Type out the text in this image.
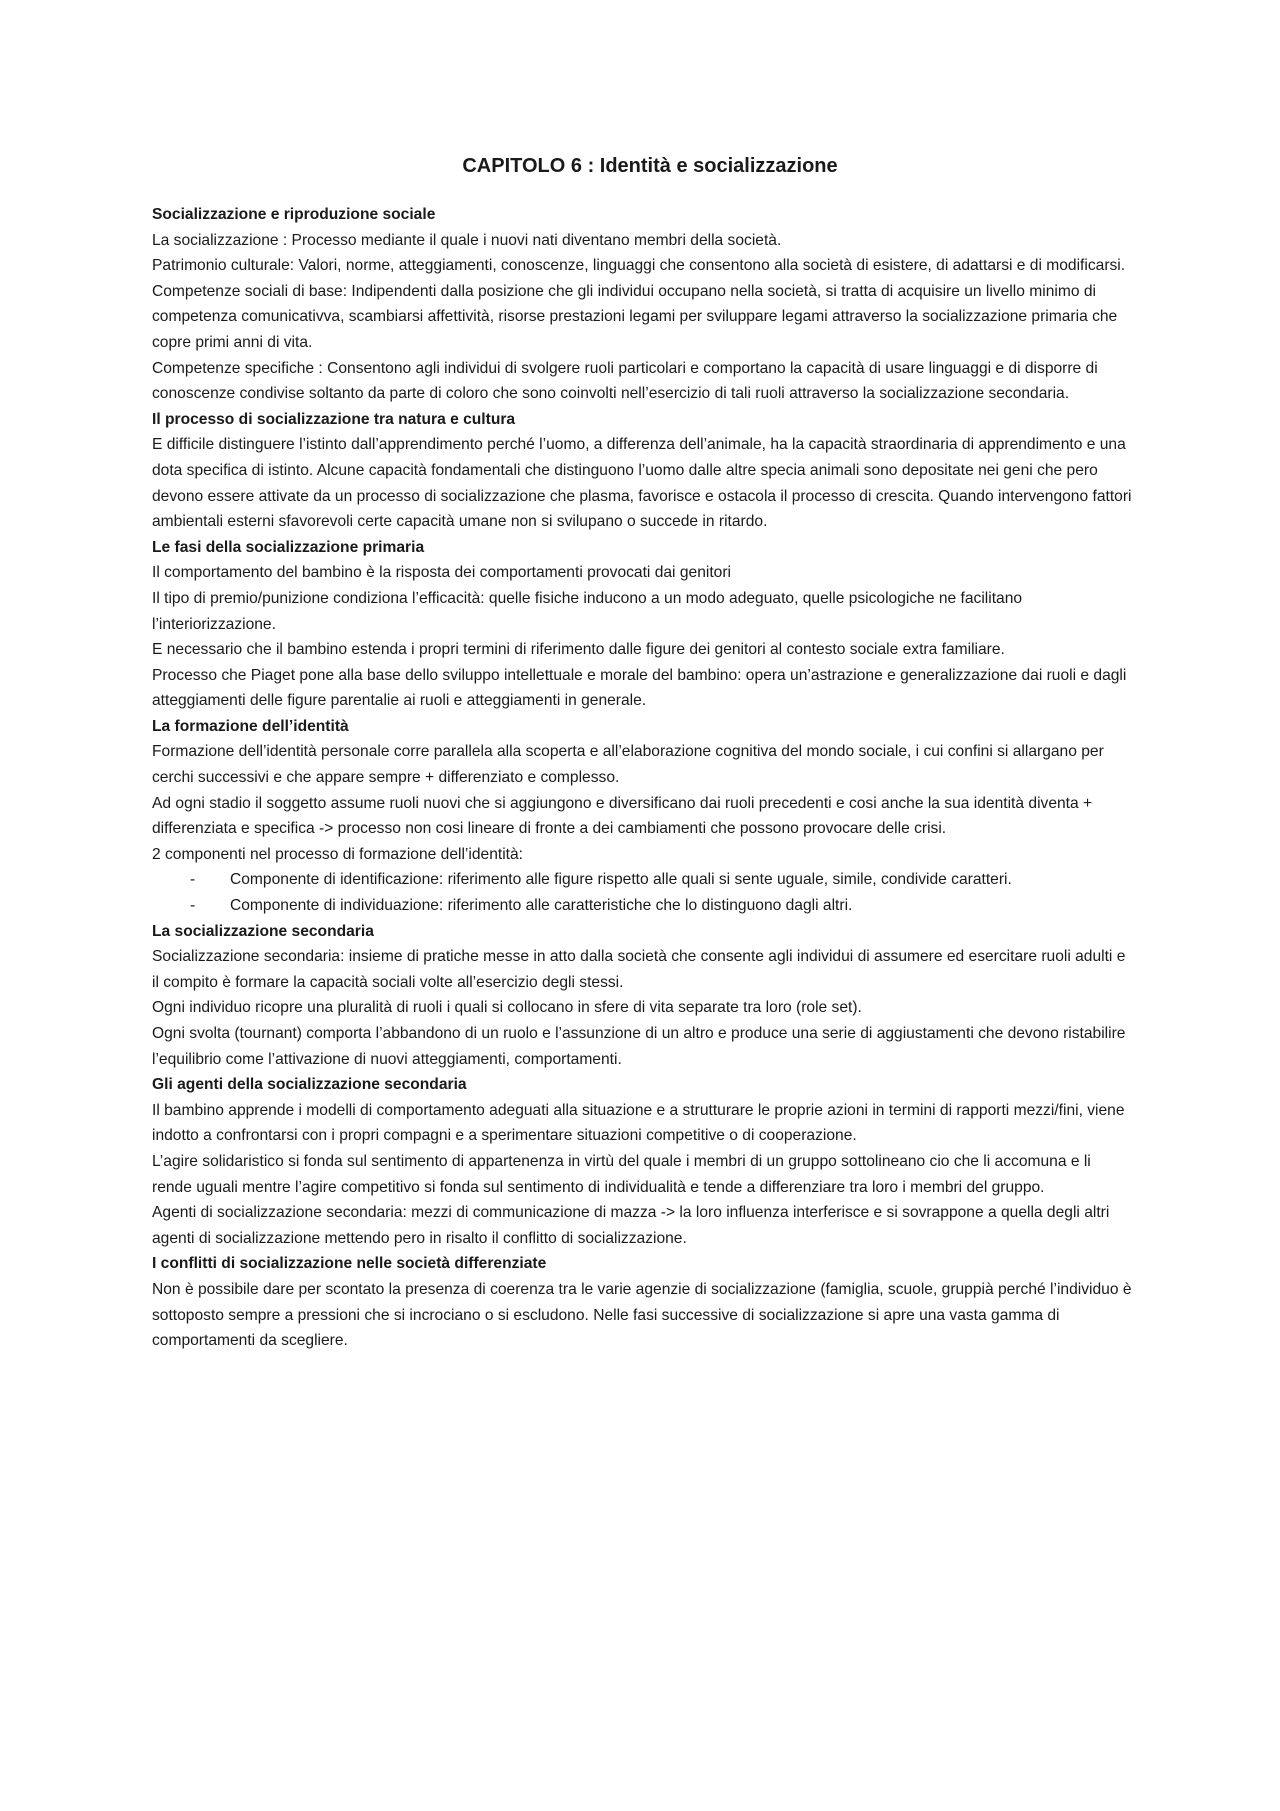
CAPITOLO 6 : Identità e socializzazione

Socializzazione e riproduzione sociale

La socializzazione : Processo mediante il quale i nuovi nati diventano membri della società.

Patrimonio culturale: Valori, norme, atteggiamenti, conoscenze, linguaggi che consentono alla società di esistere, di adattarsi e di modificarsi.

Competenze sociali di base: Indipendenti dalla posizione che gli individui occupano nella società, si tratta di acquisire un livello minimo di competenza comunicativva, scambiarsi affettività, risorse prestazioni legami per sviluppare legami attraverso la socializzazione primaria che copre primi anni di vita.

Competenze specifiche : Consentono agli individui di svolgere ruoli particolari e comportano la capacità di usare linguaggi e di disporre di conoscenze condivise soltanto da parte di coloro che sono coinvolti nell’esercizio di tali ruoli attraverso la socializzazione secondaria.

Il processo di socializzazione tra natura e cultura

E difficile distinguere l’istinto dall’apprendimento perché l’uomo, a differenza dell’animale, ha la capacità straordinaria di apprendimento e una dota specifica di istinto. Alcune capacità fondamentali che distinguono l’uomo dalle altre specia animali sono depositate nei geni che pero devono essere attivate da un processo di socializzazione che plasma, favorisce e ostacola il processo di crescita. Quando intervengono fattori ambientali esterni sfavorevoli certe capacità umane non si svilupano o succede in ritardo.

Le fasi della socializzazione primaria

Il comportamento del bambino è la risposta dei comportamenti provocati dai genitori

Il tipo di premio/punizione condiziona l’efficacità: quelle fisiche inducono a un modo adeguato, quelle psicologiche ne facilitano l’interiorizzazione.

E necessario che il bambino estenda i propri termini di riferimento dalle figure dei genitori al contesto sociale extra familiare.

Processo che Piaget pone alla base dello sviluppo intellettuale e morale del bambino: opera un’astrazione e generalizzazione dai ruoli e dagli atteggiamenti delle figure parentalie ai ruoli e atteggiamenti in generale.

La formazione dell’identità

Formazione dell’identità personale corre parallela alla scoperta e all’elaborazione cognitiva del mondo sociale, i cui confini si allargano per cerchi successivi e che appare sempre + differenziato e complesso.

Ad ogni stadio il soggetto assume ruoli nuovi che si aggiungono e diversificano dai ruoli precedenti e cosi anche la sua identità diventa + differenziata e specifica -> processo non cosi lineare di fronte a dei cambiamenti che possono provocare delle crisi.

2 componenti nel processo di formazione dell’identità:

- Componente di identificazione: riferimento alle figure rispetto alle quali si sente uguale, simile, condivide caratteri.
- Componente di individuazione: riferimento alle caratteristiche che lo distinguono dagli altri.

La socializzazione secondaria

Socializzazione secondaria: insieme di pratiche messe in atto dalla società che consente agli individui di assumere ed esercitare ruoli adulti e il compito è formare la capacità sociali volte all’esercizio degli stessi.

Ogni individuo ricopre una pluralità di ruoli i quali si collocano in sfere di vita separate tra loro (role set).

Ogni svolta (tournant) comporta l’abbandono di un ruolo e l’assunzione di un altro e produce una serie di aggiustamenti che devono ristabilire l’equilibrio come l’attivazione di nuovi atteggiamenti, comportamenti.

Gli agenti della socializzazione secondaria

Il bambino apprende i modelli di comportamento adeguati alla situazione e a strutturare le proprie azioni in termini di rapporti mezzi/fini, viene indotto a confrontarsi con i propri compagni e a sperimentare situazioni competitive o di cooperazione.

L’agire solidaristico si fonda sul sentimento di appartenenza in virtù del quale i membri di un gruppo sottolineano cio che li accomuna e li rende uguali mentre l’agire competitivo si fonda sul sentimento di individualità e tende a differenziare tra loro i membri del gruppo.

Agenti di socializzazione secondaria: mezzi di communicazione di mazza -> la loro influenza interferisce e si sovrappone a quella degli altri agenti di socializzazione mettendo pero in risalto il conflitto di socializzazione.

I conflitti di socializzazione nelle società differenziate

Non è possibile dare per scontato la presenza di coerenza tra le varie agenzie di socializzazione (famiglia, scuole, gruppià perché l’individuo è sottoposto sempre a pressioni che si incrociano o si escludono. Nelle fasi successive di socializzazione si apre una vasta gamma di comportamenti da scegliere.
